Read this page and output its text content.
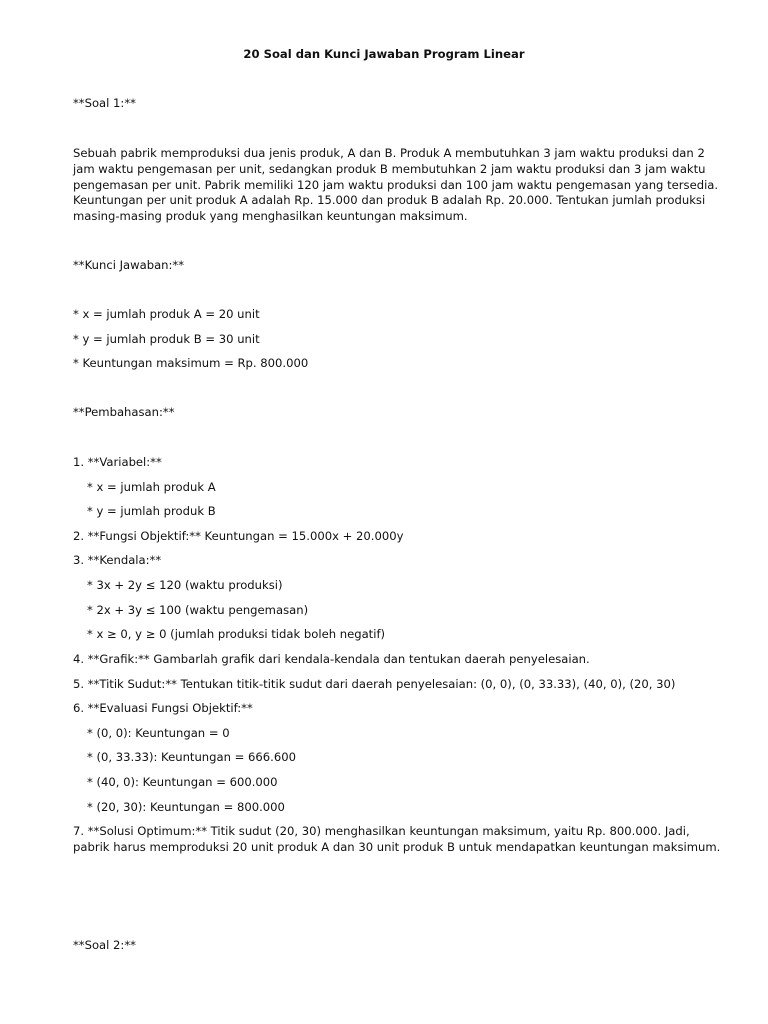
20 Soal dan Kunci Jawaban Program Linear
**Soal 1:**
Sebuah pabrik memproduksi dua jenis produk, A dan B. Produk A membutuhkan 3 jam waktu produksi dan 2
jam waktu pengemasan per unit, sedangkan produk B membutuhkan 2 jam waktu produksi dan 3 jam waktu
pengemasan per unit. Pabrik memiliki 120 jam waktu produksi dan 100 jam waktu pengemasan yang tersedia.
Keuntungan per unit produk A adalah Rp. 15.000 dan produk B adalah Rp. 20.000. Tentukan jumlah produksi
masing-masing produk yang menghasilkan keuntungan maksimum.
**Kunci Jawaban:**
* x = jumlah produk A = 20 unit
* y = jumlah produk B = 30 unit
* Keuntungan maksimum = Rp. 800.000
**Pembahasan:**
1. **Variabel:**
* x = jumlah produk A
* y = jumlah produk B
2. **Fungsi Objektif:** Keuntungan = 15.000x + 20.000y
3. **Kendala:**
* 3x + 2y ≤ 120 (waktu produksi)
* 2x + 3y ≤ 100 (waktu pengemasan)
* x ≥ 0, y ≥ 0 (jumlah produksi tidak boleh negatif)
4. **Grafik:** Gambarlah grafik dari kendala-kendala dan tentukan daerah penyelesaian.
5. **Titik Sudut:** Tentukan titik-titik sudut dari daerah penyelesaian: (0, 0), (0, 33.33), (40, 0), (20, 30)
6. **Evaluasi Fungsi Objektif:**
* (0, 0): Keuntungan = 0
* (0, 33.33): Keuntungan = 666.600
* (40, 0): Keuntungan = 600.000
* (20, 30): Keuntungan = 800.000
7. **Solusi Optimum:** Titik sudut (20, 30) menghasilkan keuntungan maksimum, yaitu Rp. 800.000. Jadi,
pabrik harus memproduksi 20 unit produk A dan 30 unit produk B untuk mendapatkan keuntungan maksimum.
**Soal 2:**
